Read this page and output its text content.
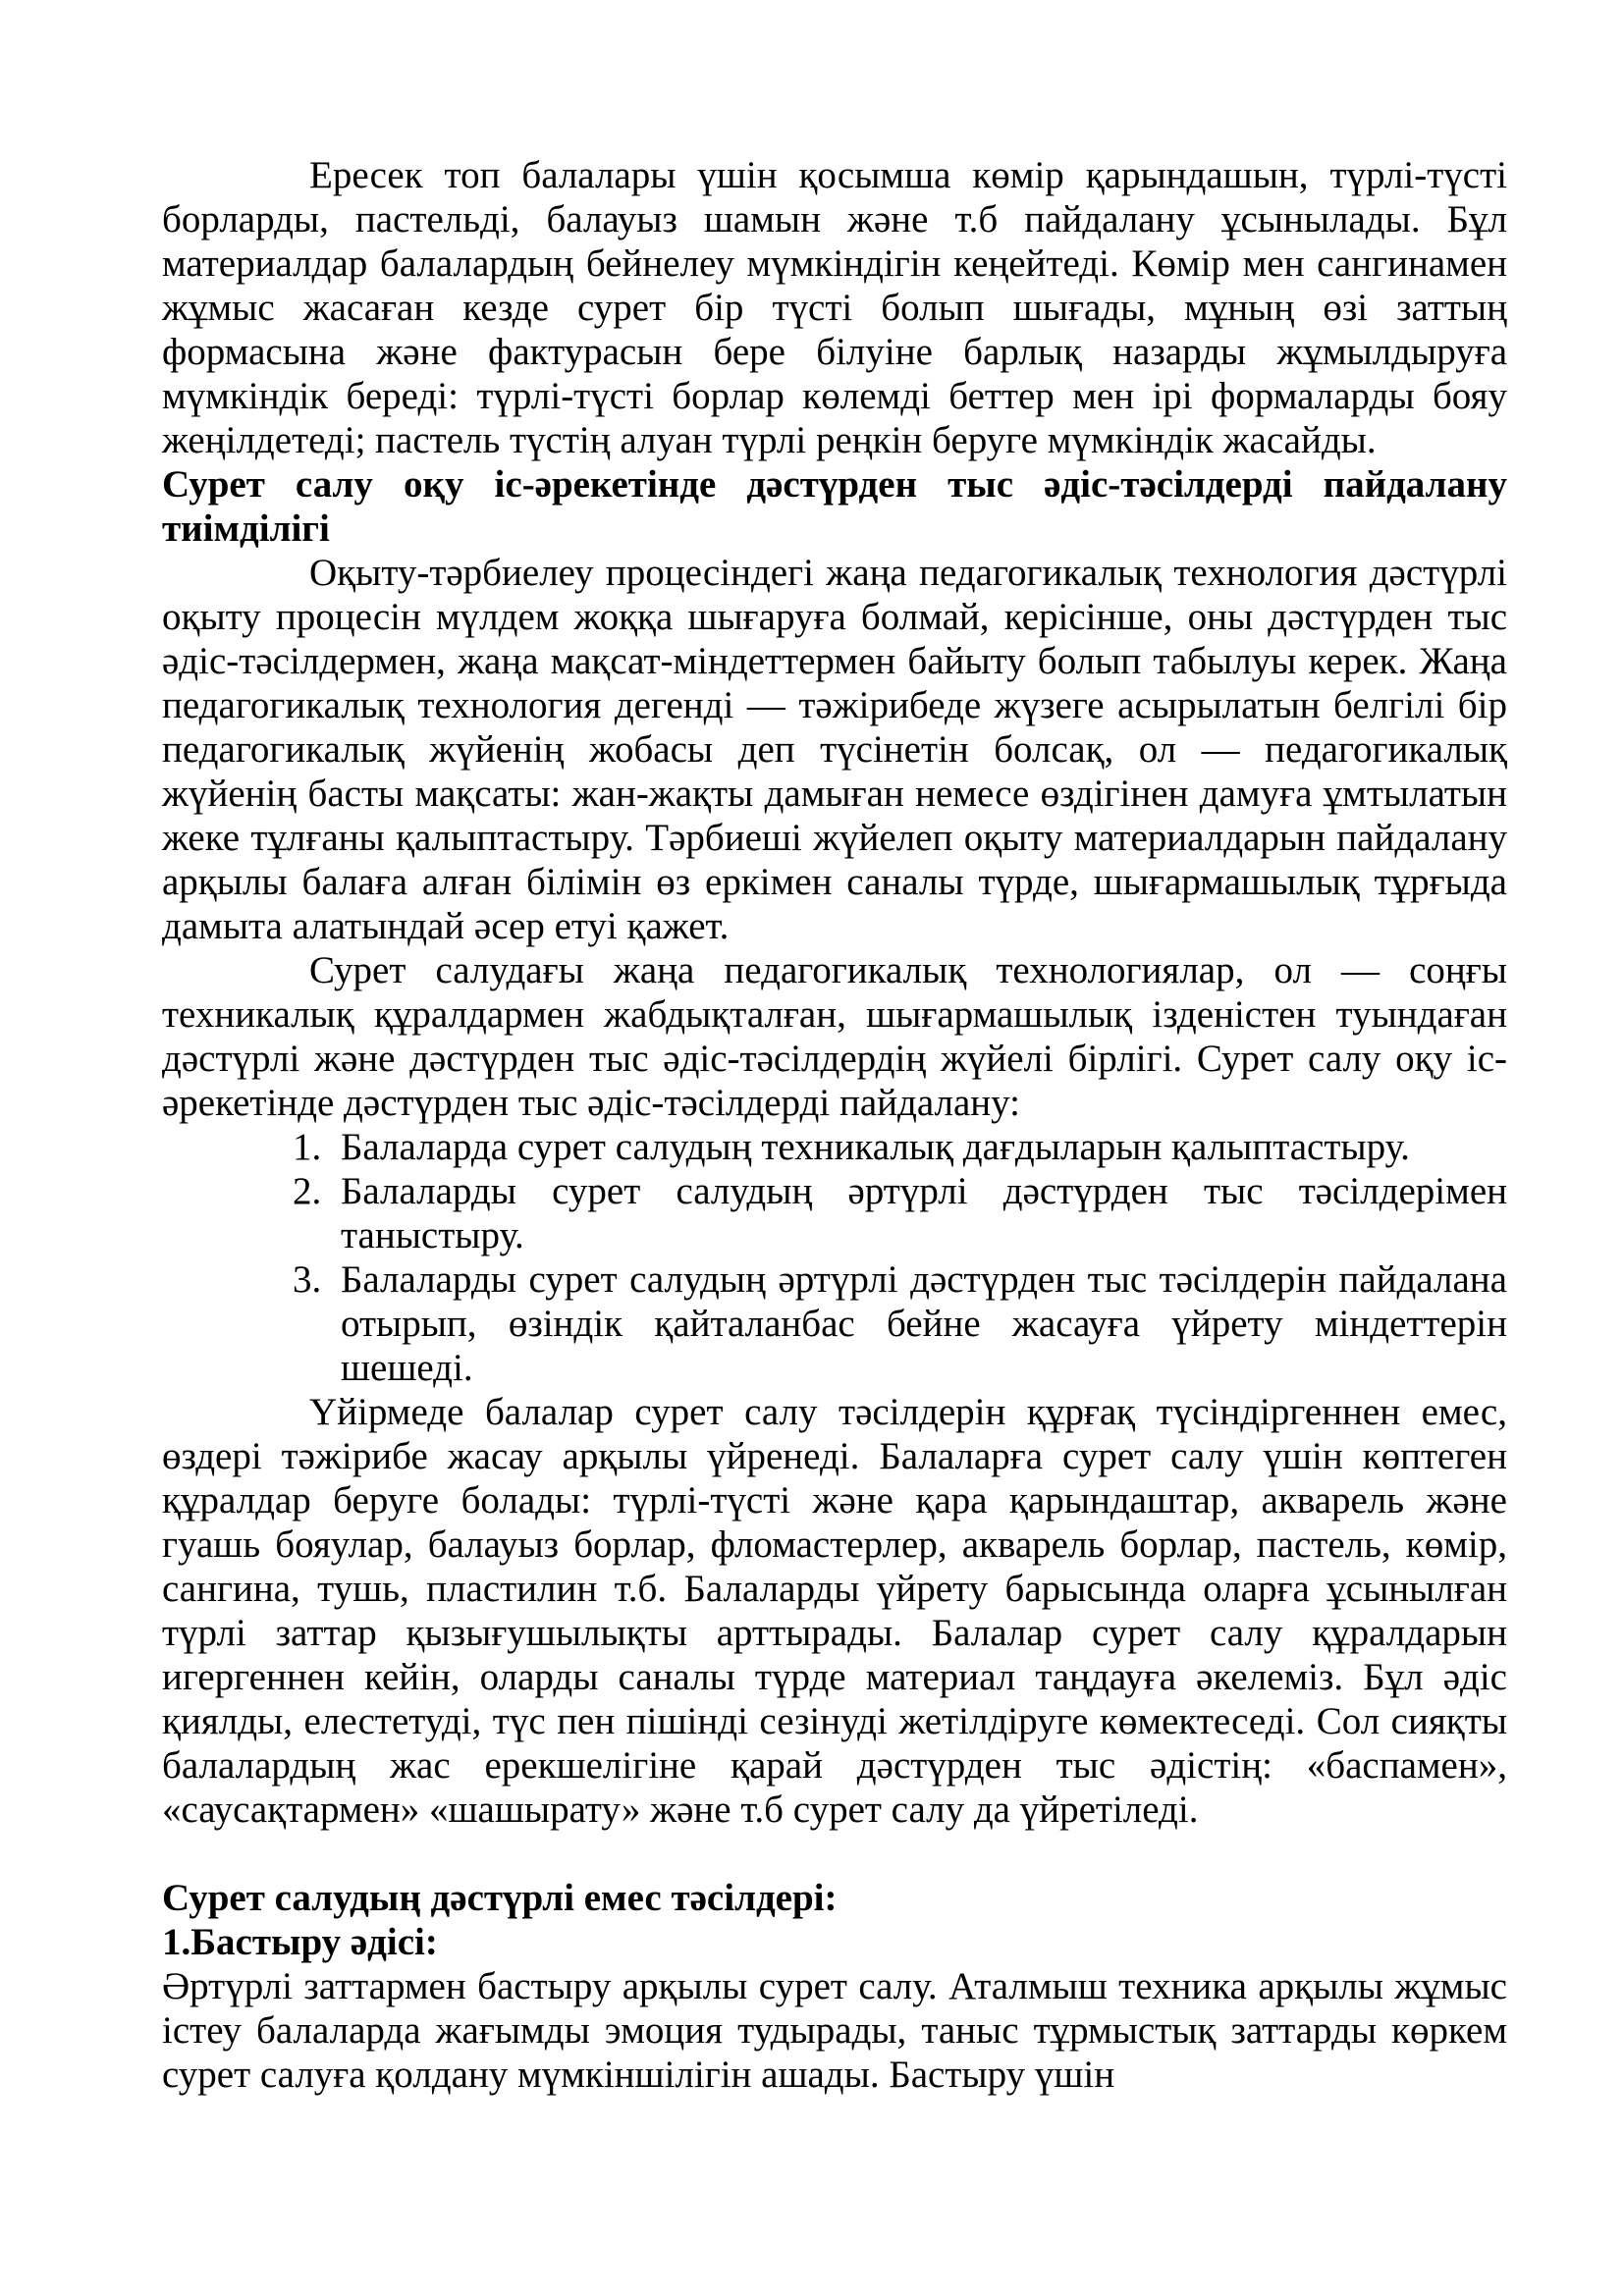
Ересек топ балалары үшін қосымша көмір қарындашын, түрлі-түсті борларды, пастельді, балауыз шамын және т.б пайдалану ұсынылады. Бұл материалдар балалардың бейнелеу мүмкіндігін кеңейтеді. Көмір мен сангинамен жұмыс жасаған кезде сурет бір түсті болып шығады, мұның өзі заттың формасына және фактурасын бере білуіне барлық назарды жұмылдыруға мүмкіндік береді: түрлі-түсті борлар көлемді беттер мен ірі формаларды бояу жеңілдетеді; пастель түстің алуан түрлі реңкін беруге мүмкіндік жасайды.

Сурет салу оқу іс-әрекетінде дәстүрден тыс әдіс-тәсілдерді пайдалану тиімділігі

Оқыту-тәрбиелеу процесіндегі жаңа педагогикалық технология дәстүрлі оқыту процесін мүлдем жоққа шығаруға болмай, керісінше, оны дәстүрден тыс әдіс-тәсілдермен, жаңа мақсат-міндеттермен байыту болып табылуы керек. Жаңа педагогикалық технология дегенді — тәжірибеде жүзеге асырылатын белгілі бір педагогикалық жүйенің жобасы деп түсінетін болсақ, ол — педагогикалық жүйенің басты мақсаты: жан-жақты дамыған немесе өздігінен дамуға ұмтылатын жеке тұлғаны қалыптастыру. Тәрбиеші жүйелеп оқыту материалдарын пайдалану арқылы балаға алған білімін өз еркімен саналы түрде, шығармашылық тұрғыда дамыта алатындай әсер етуі қажет.

Сурет салудағы жаңа педагогикалық технологиялар, ол — соңғы техникалық құралдармен жабдықталған, шығармашылық ізденістен туындаған дәстүрлі және дәстүрден тыс әдіс-тәсілдердің жүйелі бірлігі. Сурет салу оқу іс-әрекетінде дәстүрден тыс әдіс-тәсілдерді пайдалану:

1. Балаларда сурет салудың техникалық дағдыларын қалыптастыру.
2. Балаларды сурет салудың әртүрлі дәстүрден тыс тәсілдерімен таныстыру.
3. Балаларды сурет салудың әртүрлі дәстүрден тыс тәсілдерін пайдалана отырып, өзіндік қайталанбас бейне жасауға үйрету міндеттерін шешеді.

Үйірмеде балалар сурет салу тәсілдерін құрғақ түсіндіргеннен емес, өздері тәжірибе жасау арқылы үйренеді. Балаларға сурет салу үшін көптеген құралдар беруге болады: түрлі-түсті және қара қарындаштар, акварель және гуашь бояулар, балауыз борлар, фломастерлер, акварель борлар, пастель, көмір, сангина, тушь, пластилин т.б. Балаларды үйрету барысында оларға ұсынылған түрлі заттар қызығушылықты арттырады. Балалар сурет салу құралдарын игергеннен кейін, оларды саналы түрде материал таңдауға әкелеміз. Бұл әдіс қиялды, елестетуді, түс пен пішінді сезінуді жетілдіруге көмектеседі. Сол сияқты балалардың жас ерекшелігіне қарай дәстүрден тыс әдістің: «баспамен», «саусақтармен» «шашырату» және т.б сурет салу да үйретіледі.

Сурет салудың дәстүрлі емес тәсілдері:

1.Бастыру әдісі:

Әртүрлі заттармен бастыру арқылы сурет салу. Аталмыш техника арқылы жұмыс істеу балаларда жағымды эмоция тудырады, таныс тұрмыстық заттарды көркем сурет салуға қолдану мүмкіншілігін ашады. Бастыру үшін
